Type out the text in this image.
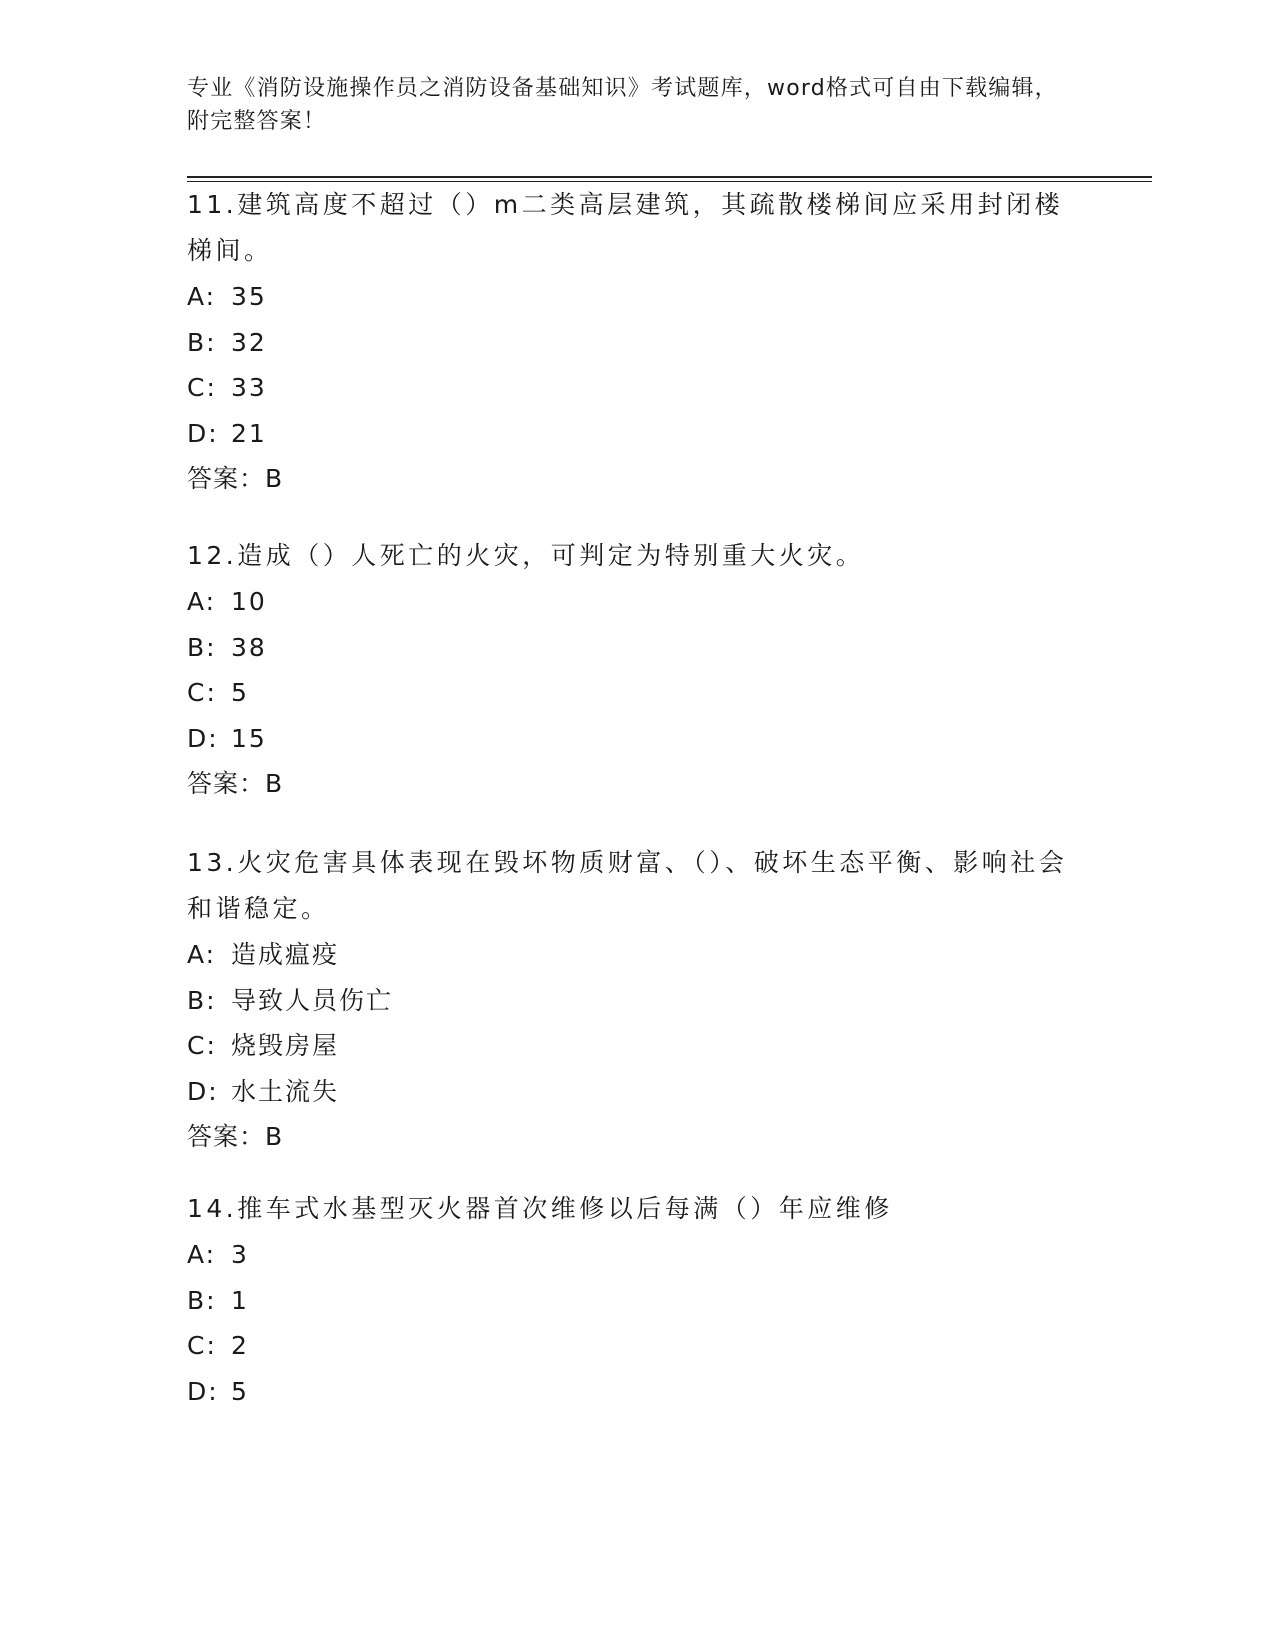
专业《消防设施操作员之消防设备基础知识》考试题库，word格式可自由下载编辑，附完整答案！

11.建筑高度不超过（）m二类高层建筑，其疏散楼梯间应采用封闭楼梯间。

A: 35

B: 32

C: 33

D: 21

答案：B

12.造成（）人死亡的火灾，可判定为特别重大火灾。

A: 10

B: 38

C: 5

D: 15

答案：B

13.火灾危害具体表现在毁坏物质财富、（）、破坏生态平衡、影响社会和谐稳定。

A: 造成瘟疫

B: 导致人员伤亡

C: 烧毁房屋

D: 水土流失

答案：B

14.推车式水基型灭火器首次维修以后每满（）年应维修

A: 3

B: 1

C: 2

D: 5
